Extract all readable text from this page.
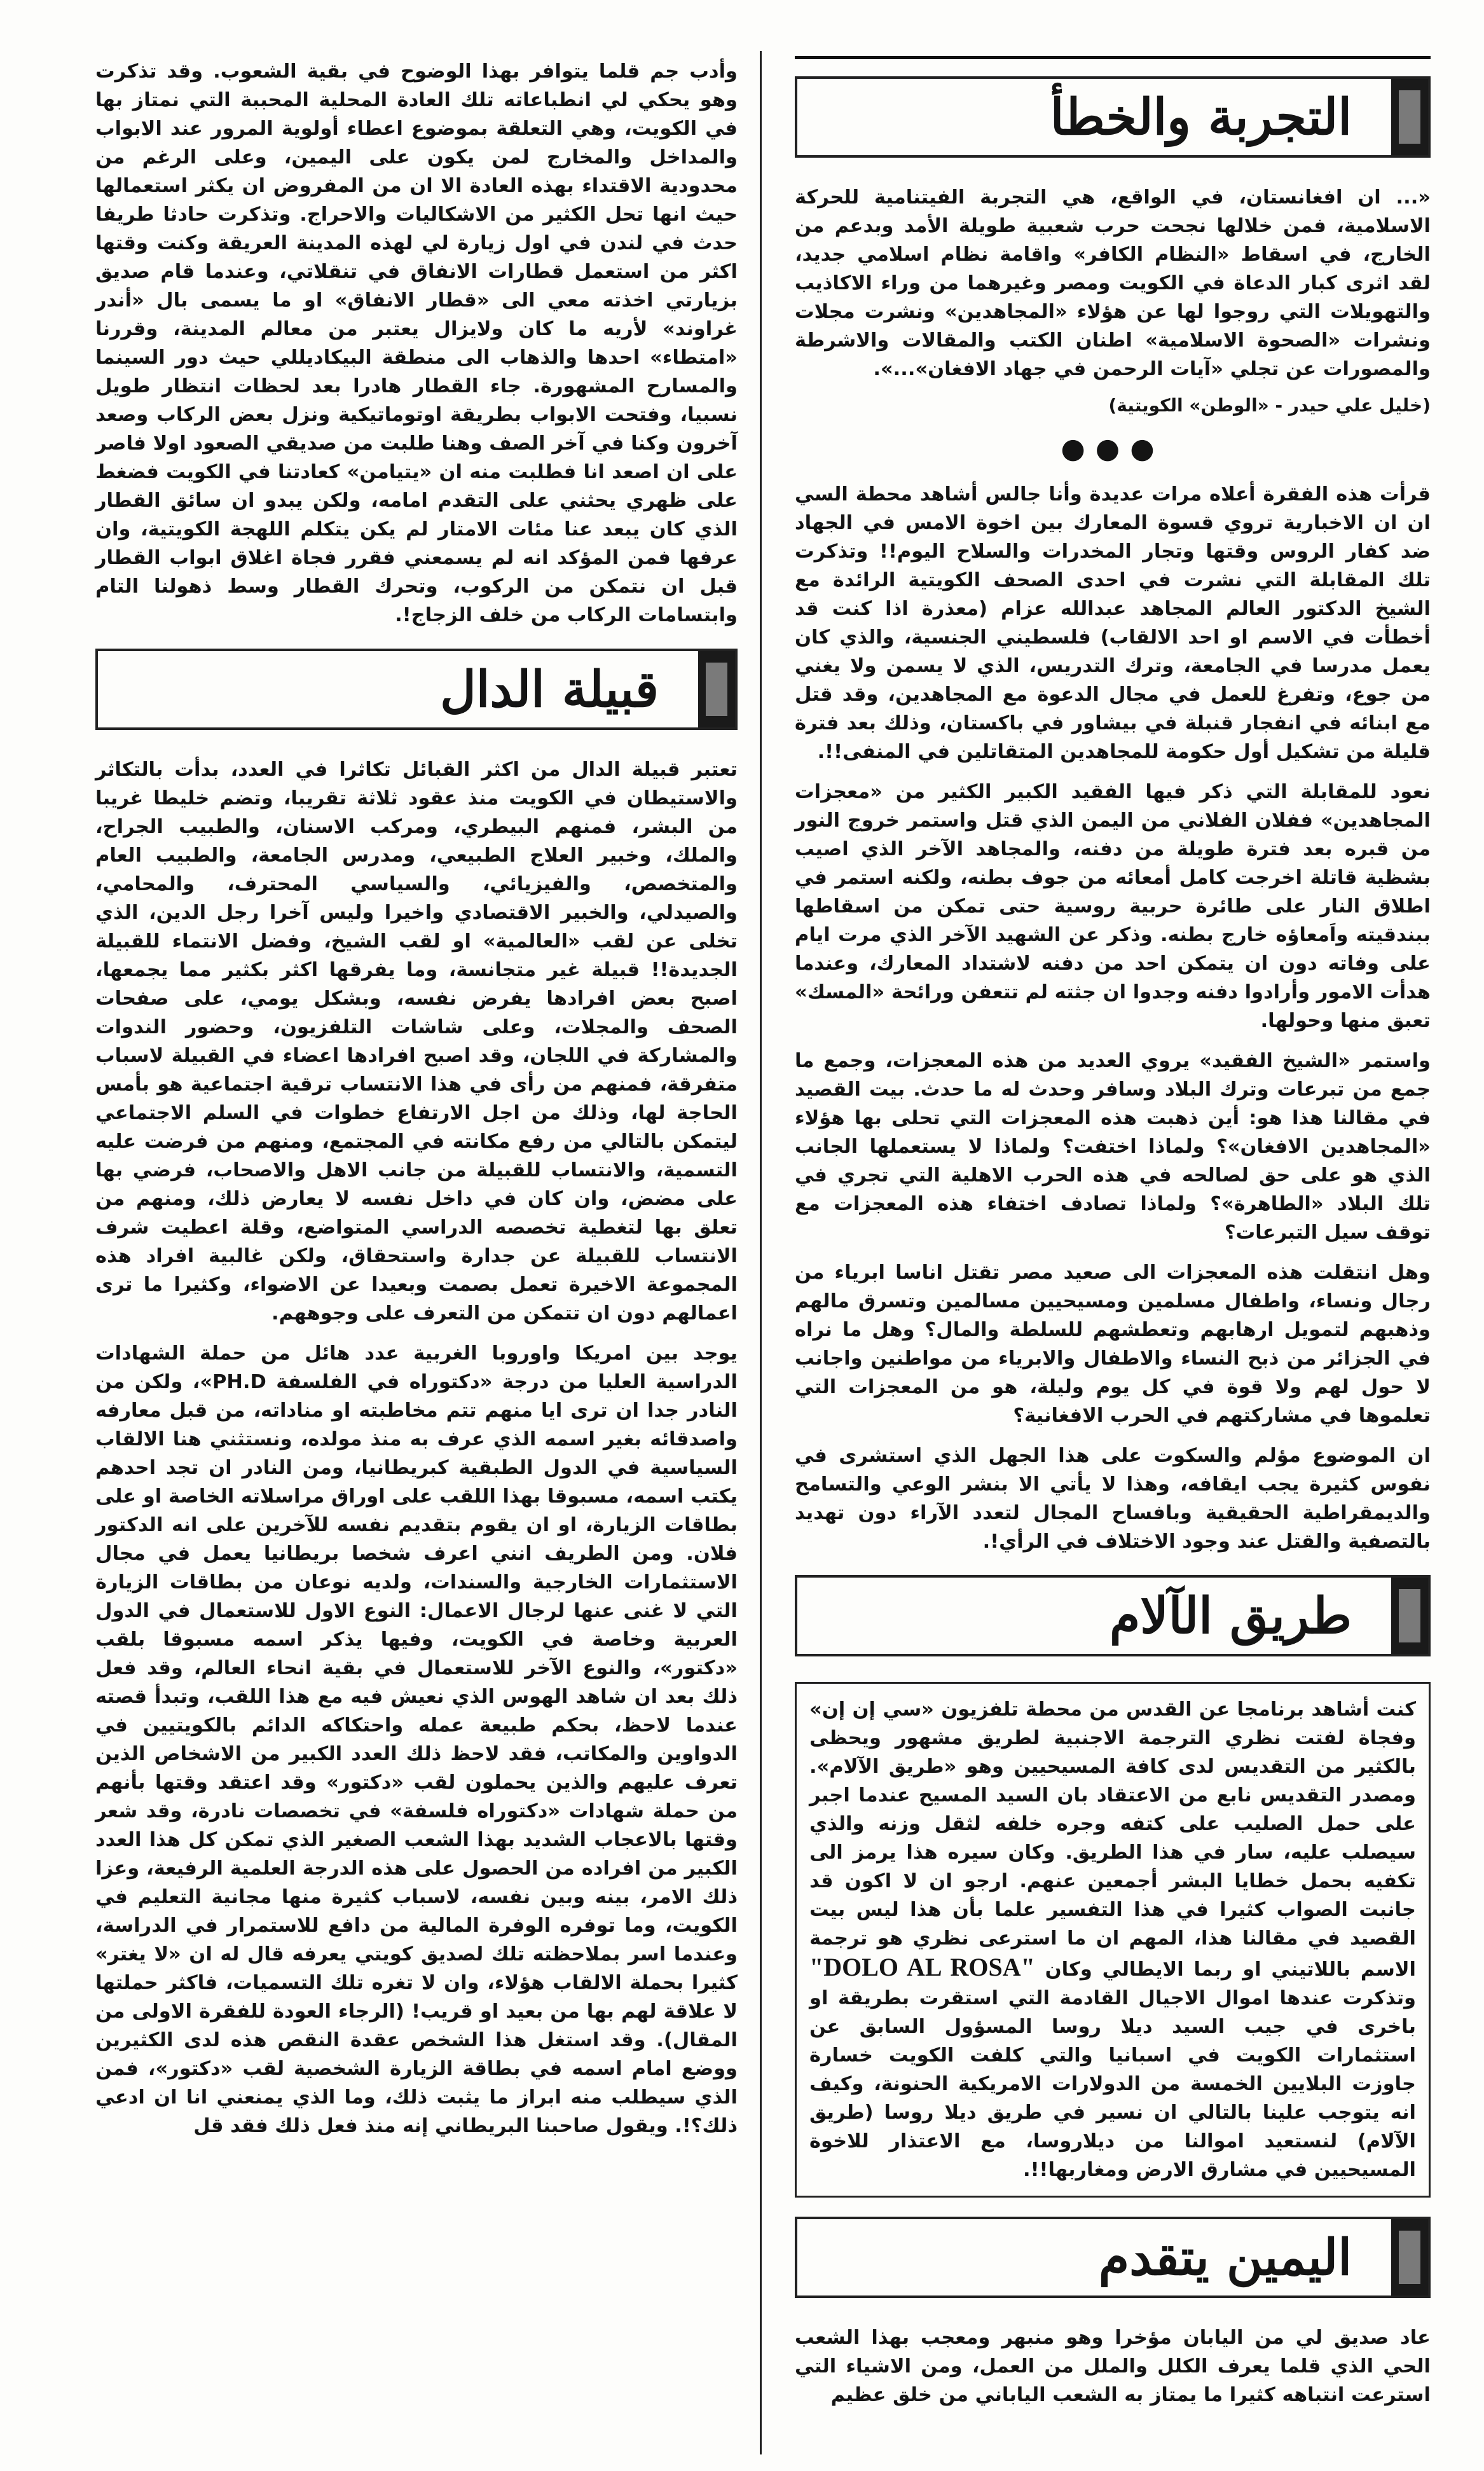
التجربة والخطأ

«... ان افغانستان، في الواقع، هي التجربة الفيتنامية للحركة الاسلامية، فمن خلالها نجحت حرب شعبية طويلة الأمد وبدعم من الخارج، في اسقاط «النظام الكافر» واقامة نظام اسلامي جديد، لقد اثرى كبار الدعاة في الكويت ومصر وغيرهما من وراء الاكاذيب والتهويلات التي روجوا لها عن هؤلاء «المجاهدين» ونشرت مجلات ونشرات «الصحوة الاسلامية» اطنان الكتب والمقالات والاشرطة والمصورات عن تجلي «آيات الرحمن في جهاد الافغان»...».

(خليل علي حيدر - «الوطن» الكويتية)
●●●

قرأت هذه الفقرة أعلاه مرات عديدة وأنا جالس أشاهد محطة السي ان ان الاخبارية تروي قسوة المعارك بين اخوة الامس في الجهاد ضد كفار الروس وقتها وتجار المخدرات والسلاح اليوم!! وتذكرت تلك المقابلة التي نشرت في احدى الصحف الكويتية الرائدة مع الشيخ الدكتور العالم المجاهد عبدالله عزام (معذرة اذا كنت قد أخطأت في الاسم او احد الالقاب) فلسطيني الجنسية، والذي كان يعمل مدرسا في الجامعة، وترك التدريس، الذي لا يسمن ولا يغني من جوع، وتفرغ للعمل في مجال الدعوة مع المجاهدين، وقد قتل مع ابنائه في انفجار قنبلة في بيشاور في باكستان، وذلك بعد فترة قليلة من تشكيل أول حكومة للمجاهدين المتقاتلين في المنفى!!.

نعود للمقابلة التي ذكر فيها الفقيد الكبير الكثير من «معجزات المجاهدين» ففلان الفلاني من اليمن الذي قتل واستمر خروج النور من قبره بعد فترة طويلة من دفنه، والمجاهد الآخر الذي اصيب بشظية قاتلة اخرجت كامل أمعائه من جوف بطنه، ولكنه استمر في اطلاق النار على طائرة حربية روسية حتى تمكن من اسقاطها ببندقيته واَمعاؤه خارج بطنه. وذكر عن الشهيد الآخر الذي مرت ايام على وفاته دون ان يتمكن احد من دفنه لاشتداد المعارك، وعندما هدأت الامور وأرادوا دفنه وجدوا ان جثته لم تتعفن ورائحة «المسك» تعبق منها وحولها.

واستمر «الشيخ الفقيد» يروي العديد من هذه المعجزات، وجمع ما جمع من تبرعات وترك البلاد وسافر وحدث له ما حدث. بيت القصيد في مقالنا هذا هو: أين ذهبت هذه المعجزات التي تحلى بها هؤلاء «المجاهدين الافغان»؟ ولماذا اختفت؟ ولماذا لا يستعملها الجانب الذي هو على حق لصالحه في هذه الحرب الاهلية التي تجري في تلك البلاد «الطاهرة»؟ ولماذا تصادف اختفاء هذه المعجزات مع توقف سيل التبرعات؟

وهل انتقلت هذه المعجزات الى صعيد مصر تقتل اناسا ابرياء من رجال ونساء، واطفال مسلمين ومسيحيين مسالمين وتسرق مالهم وذهبهم لتمويل ارهابهم وتعطشهم للسلطة والمال؟ وهل ما نراه في الجزائر من ذبح النساء والاطفال والابرياء من مواطنين واجانب لا حول لهم ولا قوة في كل يوم وليلة، هو من المعجزات التي تعلموها في مشاركتهم في الحرب الافغانية؟

ان الموضوع مؤلم والسكوت على هذا الجهل الذي استشرى في نفوس كثيرة يجب ايقافه، وهذا لا يأتي الا بنشر الوعي والتسامح والديمقراطية الحقيقية وبافساح المجال لتعدد الآراء دون تهديد بالتصفية والقتل عند وجود الاختلاف في الرأي!.

طريق الآلام

كنت أشاهد برنامجا عن القدس من محطة تلفزيون «سي إن إن» وفجاة لفتت نظري الترجمة الاجنبية لطريق مشهور ويحظى بالكثير من التقديس لدى كافة المسيحيين وهو «طريق الآلام». ومصدر التقديس نابع من الاعتقاد بان السيد المسيح عندما اجبر على حمل الصليب على كتفه وجره خلفه لثقل وزنه والذي سيصلب عليه، سار في هذا الطريق. وكان سيره هذا يرمز الى تكفيه بحمل خطايا البشر أجمعين عنهم. ارجو ان لا اكون قد جانبت الصواب كثيرا في هذا التفسير علما بأن هذا ليس بيت القصيد في مقالنا هذا، المهم ان ما استرعى نظري هو ترجمة الاسم باللاتيني او ربما الايطالي وكان "DOLO AL ROSA" وتذكرت عندها اموال الاجيال القادمة التي استقرت بطريقة او باخرى في جيب السيد ديلا روسا المسؤول السابق عن استثمارات الكويت في اسبانيا والتي كلفت الكويت خسارة جاوزت البلايين الخمسة من الدولارات الامريكية الحنونة، وكيف انه يتوجب علينا بالتالي ان نسير في طريق ديلا روسا (طريق الآلام) لنستعيد اموالنا من ديلاروسا، مع الاعتذار للاخوة المسيحيين في مشارق الارض ومغاربها!!.

اليمين يتقدم

عاد صديق لي من اليابان مؤخرا وهو منبهر ومعجب بهذا الشعب الحي الذي قلما يعرف الكلل والملل من العمل، ومن الاشياء التي استرعت انتباهه كثيرا ما يمتاز به الشعب الياباني من خلق عظيم

وأدب جم قلما يتوافر بهذا الوضوح في بقية الشعوب. وقد تذكرت وهو يحكي لي انطباعاته تلك العادة المحلية المحببة التي نمتاز بها في الكويت، وهي التعلقة بموضوع اعطاء أولوية المرور عند الابواب والمداخل والمخارج لمن يكون على اليمين، وعلى الرغم من محدودية الاقتداء بهذه العادة الا ان من المفروض ان يكثر استعمالها حيث انها تحل الكثير من الاشكاليات والاحراج. وتذكرت حادثا طريفا حدث في لندن في اول زيارة لي لهذه المدينة العريقة وكنت وقتها اكثر من استعمل قطارات الانفاق في تنقلاتي، وعندما قام صديق بزيارتي اخذته معي الى «قطار الانفاق» او ما يسمى بال «أندر غراوند» لأريه ما كان ولايزال يعتبر من معالم المدينة، وقررنا «امتطاء» احدها والذهاب الى منطقة البيكاديللي حيث دور السينما والمسارح المشهورة. جاء القطار هادرا بعد لحظات انتظار طويل نسبيا، وفتحت الابواب بطريقة اوتوماتيكية ونزل بعض الركاب وصعد آخرون وكنا في آخر الصف وهنا طلبت من صديقي الصعود اولا فاصر على ان اصعد انا فطلبت منه ان «يتيامن» كعادتنا في الكويت فضغط على ظهري يحثني على التقدم امامه، ولكن يبدو ان سائق القطار الذي كان يبعد عنا مئات الامتار لم يكن يتكلم اللهجة الكويتية، وان عرفها فمن المؤكد انه لم يسمعني فقرر فجاة اغلاق ابواب القطار قبل ان نتمكن من الركوب، وتحرك القطار وسط ذهولنا التام وابتسامات الركاب من خلف الزجاج!.

قبيلة الدال

تعتبر قبيلة الدال من اكثر القبائل تكاثرا في العدد، بدأت بالتكاثر والاستيطان في الكويت منذ عقود ثلاثة تقريبا، وتضم خليطا غريبا من البشر، فمنهم البيطري، ومركب الاسنان، والطبيب الجراح، والملك، وخبير العلاج الطبيعي، ومدرس الجامعة، والطبيب العام والمتخصص، والفيزيائي، والسياسي المحترف، والمحامي، والصيدلي، والخبير الاقتصادي واخيرا وليس آخرا رجل الدين، الذي تخلى عن لقب «العالمية» او لقب الشيخ، وفضل الانتماء للقبيلة الجديدة!! قبيلة غير متجانسة، وما يفرقها اكثر بكثير مما يجمعها، اصبح بعض افرادها يفرض نفسه، وبشكل يومي، على صفحات الصحف والمجلات، وعلى شاشات التلفزيون، وحضور الندوات والمشاركة في اللجان، وقد اصبح افرادها اعضاء في القبيلة لاسباب متفرقة، فمنهم من رأى في هذا الانتساب ترقية اجتماعية هو بأمس الحاجة لها، وذلك من اجل الارتفاع خطوات في السلم الاجتماعي ليتمكن بالتالي من رفع مكانته في المجتمع، ومنهم من فرضت عليه التسمية، والانتساب للقبيلة من جانب الاهل والاصحاب، فرضي بها على مضض، وان كان في داخل نفسه لا يعارض ذلك، ومنهم من تعلق بها لتغطية تخصصه الدراسي المتواضع، وقلة اعطيت شرف الانتساب للقبيلة عن جدارة واستحقاق، ولكن غالبية افراد هذه المجموعة الاخيرة تعمل بصمت وبعيدا عن الاضواء، وكثيرا ما ترى اعمالهم دون ان تتمكن من التعرف على وجوههم.

يوجد بين امريكا واوروبا الغربية عدد هائل من حملة الشهادات الدراسية العليا من درجة «دكتوراه في الفلسفة PH.D»، ولكن من النادر جدا ان ترى ايا منهم تتم مخاطبته او مناداته، من قبل معارفه واصدقائه بغير اسمه الذي عرف به منذ مولده، ونستثني هنا الالقاب السياسية في الدول الطبقية كبريطانيا، ومن النادر ان تجد احدهم يكتب اسمه، مسبوقا بهذا اللقب على اوراق مراسلاته الخاصة او على بطاقات الزيارة، او ان يقوم بتقديم نفسه للآخرين على انه الدكتور فلان. ومن الطريف انني اعرف شخصا بريطانيا يعمل في مجال الاستثمارات الخارجية والسندات، ولديه نوعان من بطاقات الزيارة التي لا غنى عنها لرجال الاعمال: النوع الاول للاستعمال في الدول العربية وخاصة في الكويت، وفيها يذكر اسمه مسبوقا بلقب «دكتور»، والنوع الآخر للاستعمال في بقية انحاء العالم، وقد فعل ذلك بعد ان شاهد الهوس الذي نعيش فيه مع هذا اللقب، وتبدأ قصته عندما لاحظ، بحكم طبيعة عمله واحتكاكه الدائم بالكويتيين في الدواوين والمكاتب، فقد لاحظ ذلك العدد الكبير من الاشخاص الذين تعرف عليهم والذين يحملون لقب «دكتور» وقد اعتقد وقتها بأنهم من حملة شهادات «دكتوراه فلسفة» في تخصصات نادرة، وقد شعر وقتها بالاعجاب الشديد بهذا الشعب الصغير الذي تمكن كل هذا العدد الكبير من افراده من الحصول على هذه الدرجة العلمية الرفيعة، وعزا ذلك الامر، بينه وبين نفسه، لاسباب كثيرة منها مجانية التعليم في الكويت، وما توفره الوفرة المالية من دافع للاستمرار في الدراسة، وعندما اسر بملاحظته تلك لصديق كويتي يعرفه قال له ان «لا يغتر» كثيرا بحملة الالقاب هؤلاء، وان لا تغره تلك التسميات، فاكثر حملتها لا علاقة لهم بها من بعيد او قريب! (الرجاء العودة للفقرة الاولى من المقال). وقد استغل هذا الشخص عقدة النقص هذه لدى الكثيرين ووضع امام اسمه في بطاقة الزيارة الشخصية لقب «دكتور»، فمن الذي سيطلب منه ابراز ما يثبت ذلك، وما الذي يمنعني انا ان ادعي ذلك؟!. ويقول صاحبنا البريطاني إنه منذ فعل ذلك فقد قل
